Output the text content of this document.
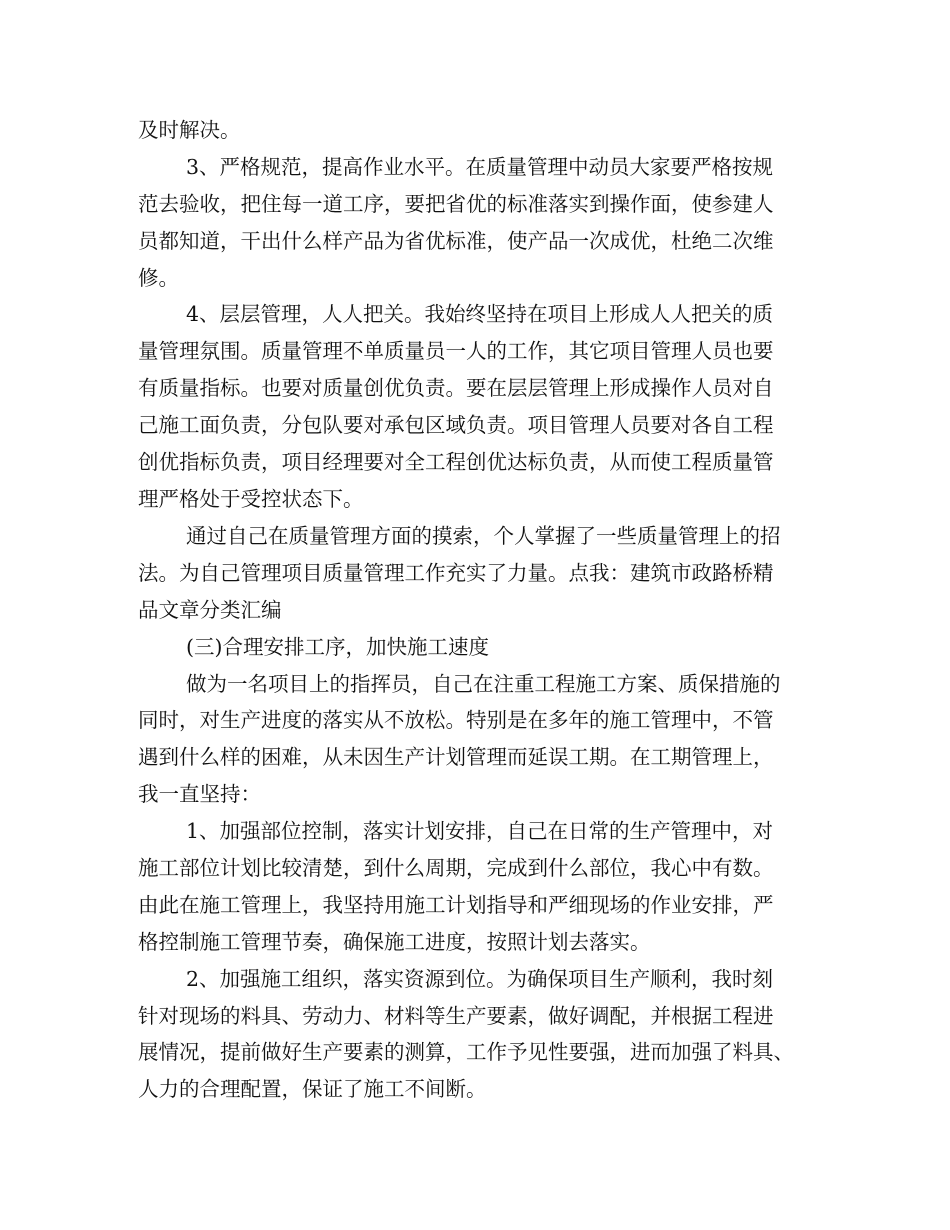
及时解决。
3、严格规范，提高作业水平。在质量管理中动员大家要严格按规
范去验收，把住每一道工序，要把省优的标准落实到操作面，使参建人
员都知道，干出什么样产品为省优标准，使产品一次成优，杜绝二次维
修。
4、层层管理，人人把关。我始终坚持在项目上形成人人把关的质
量管理氛围。质量管理不单质量员一人的工作，其它项目管理人员也要
有质量指标。也要对质量创优负责。要在层层管理上形成操作人员对自
己施工面负责，分包队要对承包区域负责。项目管理人员要对各自工程
创优指标负责，项目经理要对全工程创优达标负责，从而使工程质量管
理严格处于受控状态下。
通过自己在质量管理方面的摸索，个人掌握了一些质量管理上的招
法。为自己管理项目质量管理工作充实了力量。点我：建筑市政路桥精
品文章分类汇编
(三)合理安排工序，加快施工速度
做为一名项目上的指挥员，自己在注重工程施工方案、质保措施的
同时，对生产进度的落实从不放松。特别是在多年的施工管理中，不管
遇到什么样的困难，从未因生产计划管理而延误工期。在工期管理上，
我一直坚持：
1、加强部位控制，落实计划安排，自己在日常的生产管理中，对
施工部位计划比较清楚，到什么周期，完成到什么部位，我心中有数。
由此在施工管理上，我坚持用施工计划指导和严细现场的作业安排，严
格控制施工管理节奏，确保施工进度，按照计划去落实。
2、加强施工组织，落实资源到位。为确保项目生产顺利，我时刻
针对现场的料具、劳动力、材料等生产要素，做好调配，并根据工程进
展情况，提前做好生产要素的测算，工作予见性要强，进而加强了料具、
人力的合理配置，保证了施工不间断。
